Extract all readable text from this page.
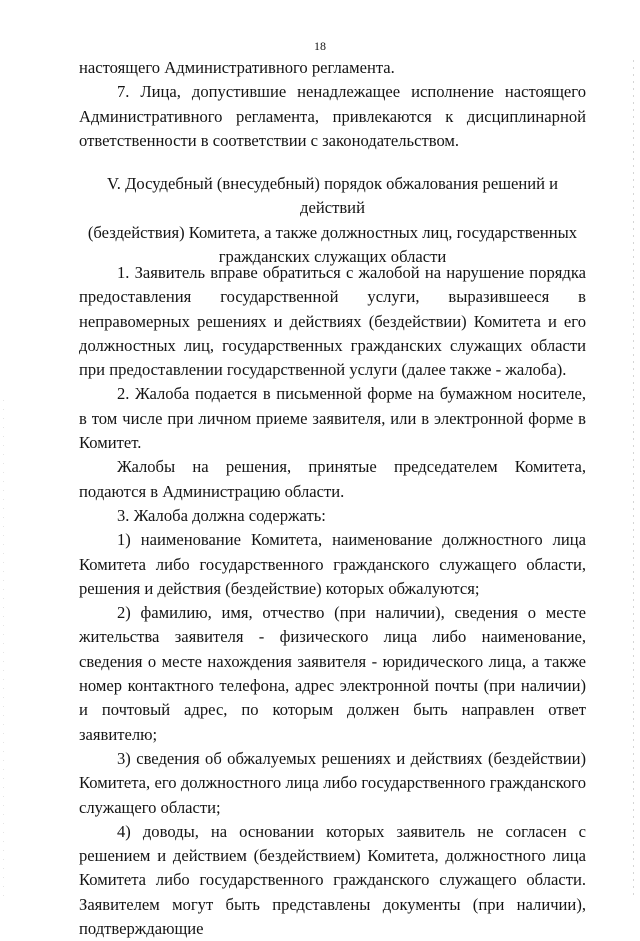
18

настоящего Административного регламента.

7. Лица, допустившие ненадлежащее исполнение настоящего Административного регламента, привлекаются к дисциплинарной ответственности в соответствии с законодательством.

V. Досудебный (внесудебный) порядок обжалования решений и действий

(бездействия) Комитета, а также должностных лиц, государственных

гражданских служащих области

1. Заявитель вправе обратиться с жалобой на нарушение порядка предоставления государственной услуги, выразившееся в неправомерных решениях и действиях (бездействии) Комитета и его должностных лиц, государственных гражданских служащих области при предоставлении государственной услуги (далее также - жалоба).

2. Жалоба подается в письменной форме на бумажном носителе, в том числе при личном приеме заявителя, или в электронной форме в Комитет.

Жалобы на решения, принятые председателем Комитета, подаются в Администрацию области.

3. Жалоба должна содержать:

1) наименование Комитета, наименование должностного лица Комитета либо государственного гражданского служащего области, решения и действия (бездействие) которых обжалуются;

2) фамилию, имя, отчество (при наличии), сведения о месте жительства заявителя - физического лица либо наименование, сведения о месте нахождения заявителя - юридического лица, а также номер контактного телефона, адрес электронной почты (при наличии) и почтовый адрес, по которым должен быть направлен ответ заявителю;

3) сведения об обжалуемых решениях и действиях (бездействии) Комитета, его должностного лица либо государственного гражданского служащего области;

4) доводы, на основании которых заявитель не согласен с решением и действием (бездействием) Комитета, должностного лица Комитета либо государственного гражданского служащего области. Заявителем могут быть представлены документы (при наличии), подтверждающие
